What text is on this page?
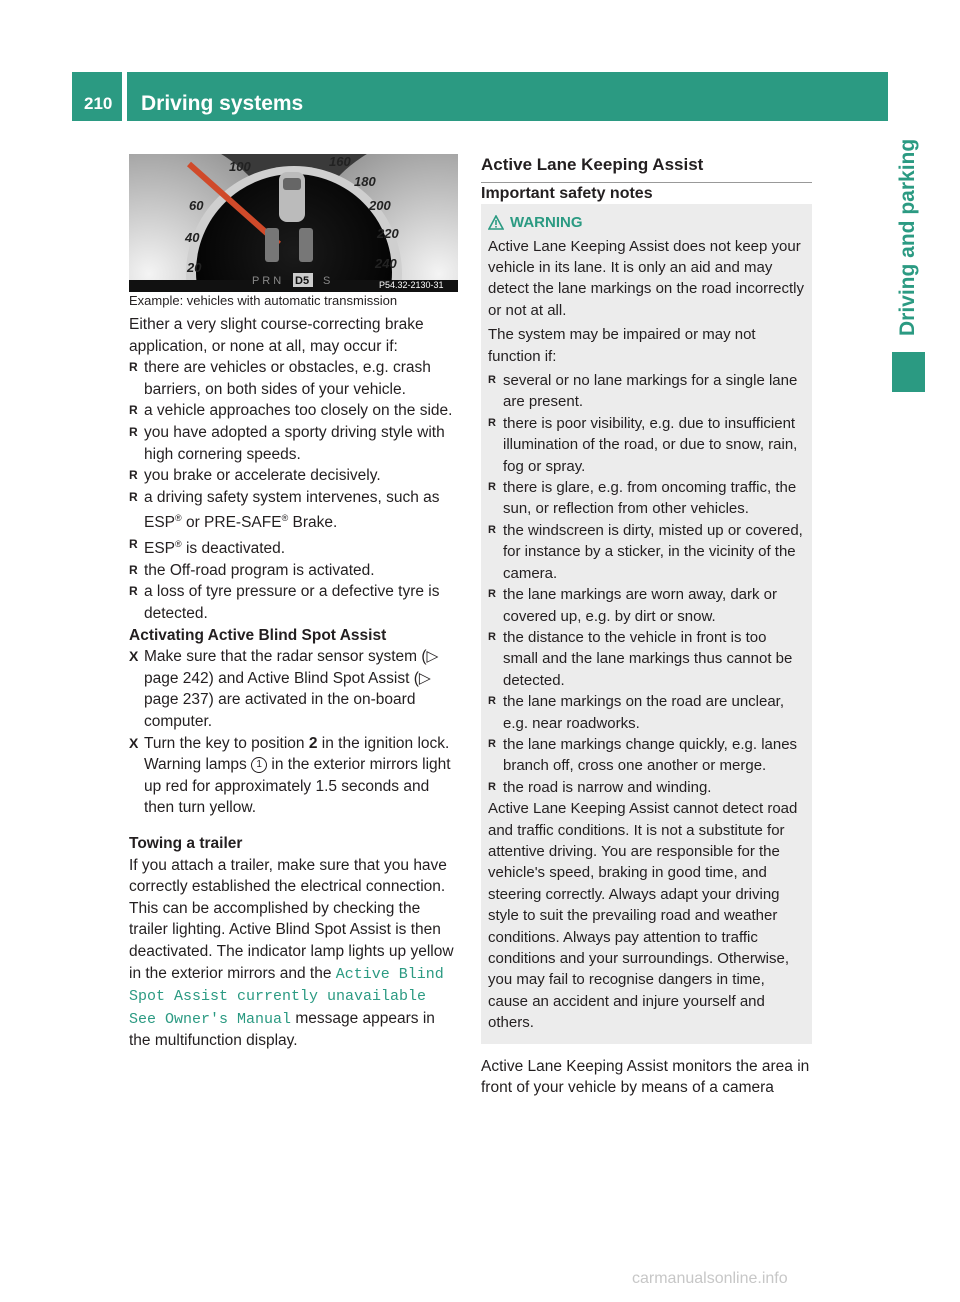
210 Driving systems
Driving and parking
100
60
40
20
160
180
200
220
240
P R N D5 S	P54.32-2130-31

Example: vehicles with automatic transmission

Either a very slight course-correcting brake application, or none at all, may occur if:

R there are vehicles or obstacles, e.g. crash barriers, on both sides of your vehicle.
R a vehicle approaches too closely on the side.
R you have adopted a sporty driving style with high cornering speeds.
R you brake or accelerate decisively.
R a driving safety system intervenes, such as ESP® or PRE-SAFE® Brake.
R ESP® is deactivated.
R the Off-road program is activated.
R a loss of tyre pressure or a defective tyre is detected.

Activating Active Blind Spot Assist

X Make sure that the radar sensor system (▷ page 242) and Active Blind Spot Assist (▷ page 237) are activated in the on-board computer.

X Turn the key to position 2 in the ignition lock.
Warning lamps 1 in the exterior mirrors light up red for approximately 1.5 seconds and then turn yellow.

Towing a trailer

If you attach a trailer, make sure that you have correctly established the electrical connection. This can be accomplished by checking the trailer lighting. Active Blind Spot Assist is then deactivated. The indicator lamp lights up yellow in the exterior mirrors and the Active Blind Spot Assist currently unavailable See Owner's Manual message appears in the multifunction display.

Active Lane Keeping Assist

Important safety notes

WARNING

Active Lane Keeping Assist does not keep your vehicle in its lane. It is only an aid and may detect the lane markings on the road incorrectly or not at all.

The system may be impaired or may not function if:

R several or no lane markings for a single lane are present.
R there is poor visibility, e.g. due to insufficient illumination of the road, or due to snow, rain, fog or spray.
R there is glare, e.g. from oncoming traffic, the sun, or reflection from other vehicles.
R the windscreen is dirty, misted up or covered, for instance by a sticker, in the vicinity of the camera.
R the lane markings are worn away, dark or covered up, e.g. by dirt or snow.
R the distance to the vehicle in front is too small and the lane markings thus cannot be detected.
R the lane markings on the road are unclear, e.g. near roadworks.
R the lane markings change quickly, e.g. lanes branch off, cross one another or merge.
R the road is narrow and winding.

Active Lane Keeping Assist cannot detect road and traffic conditions. It is not a substitute for attentive driving. You are responsible for the vehicle's speed, braking in good time, and steering correctly. Always adapt your driving style to suit the prevailing road and weather conditions. Always pay attention to traffic conditions and your surroundings. Otherwise, you may fail to recognise dangers in time, cause an accident and injure yourself and others.

Active Lane Keeping Assist monitors the area in front of your vehicle by means of a camera

carmanualsonline.info
